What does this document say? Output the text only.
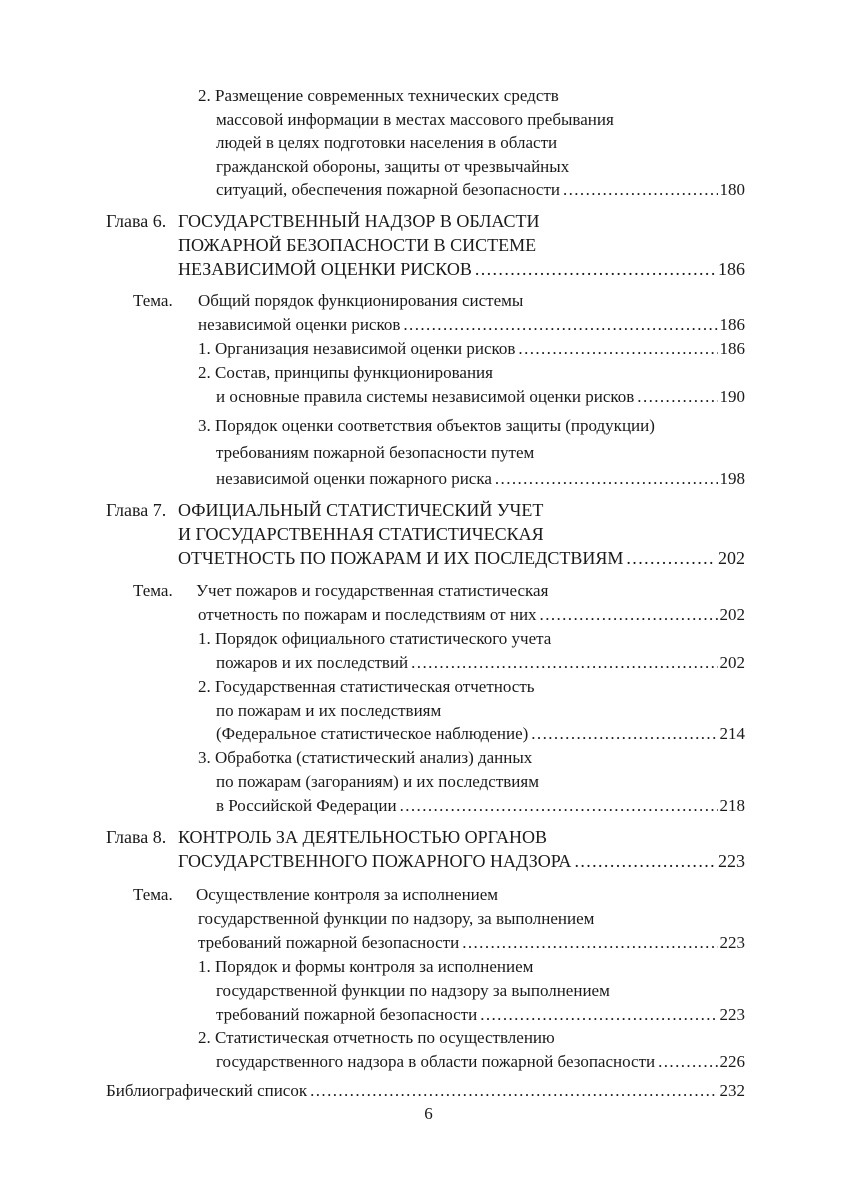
2. Размещение современных технических средств
массовой информации в местах массового пребывания
людей в целях подготовки населения в области
гражданской обороны, защиты от чрезвычайных
ситуаций, обеспечения пожарной безопасности .....	180
Глава 6. ГОСУДАРСТВЕННЫЙ НАДЗОР В ОБЛАСТИ
ПОЖАРНОЙ БЕЗОПАСНОСТИ В СИСТЕМЕ
НЕЗАВИСИМОЙ ОЦЕНКИ РИСКОВ .....	186
Тема. Общий порядок функционирования системы
независимой оценки рисков .....	186
1. Организация независимой оценки рисков .....	186
2. Состав, принципы функционирования
и основные правила системы независимой оценки рисков .....	190
3. Порядок оценки соответствия объектов защиты (продукции)
требованиям пожарной безопасности путем
независимой оценки пожарного риска .....	198
Глава 7. ОФИЦИАЛЬНЫЙ СТАТИСТИЧЕСКИЙ УЧЕТ
И ГОСУДАРСТВЕННАЯ СТАТИСТИЧЕСКАЯ
ОТЧЕТНОСТЬ ПО ПОЖАРАМ И ИХ ПОСЛЕДСТВИЯМ .....	202
Тема. Учет пожаров и государственная статистическая
отчетность по пожарам и последствиям от них .....	202
1. Порядок официального статистического учета
пожаров и их последствий .....	202
2. Государственная статистическая отчетность
по пожарам и их последствиям
(Федеральное статистическое наблюдение) .....	214
3. Обработка (статистический анализ) данных
по пожарам (загораниям) и их последствиям
в Российской Федерации .....	218
Глава 8. КОНТРОЛЬ ЗА ДЕЯТЕЛЬНОСТЬЮ ОРГАНОВ
ГОСУДАРСТВЕННОГО ПОЖАРНОГО НАДЗОРА .....	223
Тема. Осуществление контроля за исполнением
государственной функции по надзору, за выполнением
требований пожарной безопасности .....	223
1. Порядок и формы контроля за исполнением
государственной функции по надзору за выполнением
требований пожарной безопасности .....	223
2. Статистическая отчетность по осуществлению
государственного надзора в области пожарной безопасности .....	226
Библиографический список .....	232
6
